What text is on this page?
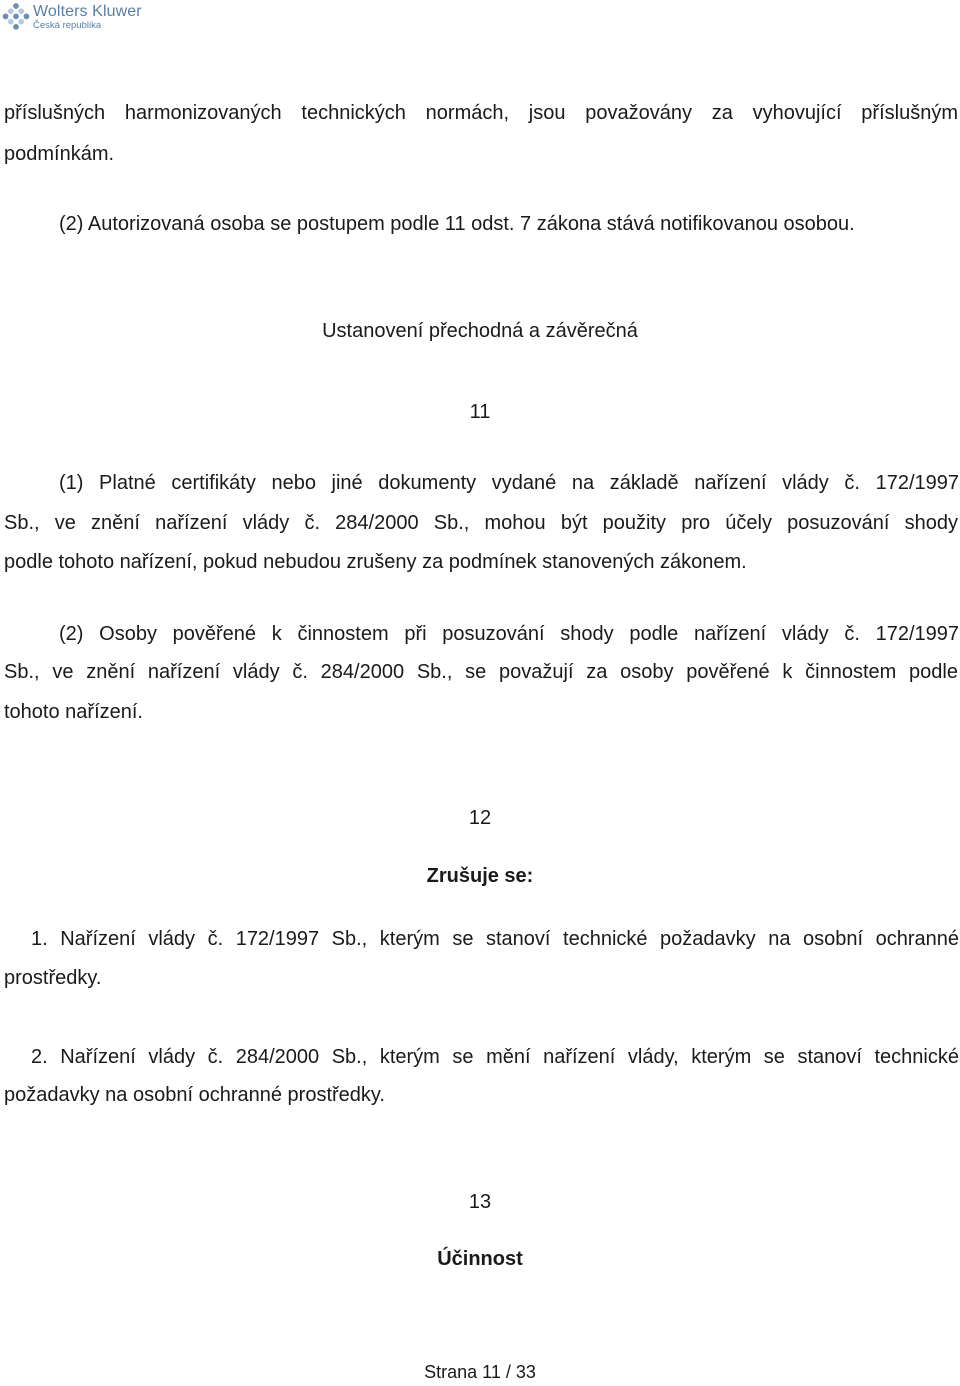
Wolters Kluwer
Česká republika
příslušných harmonizovaných technických normách, jsou považovány za vyhovující příslušným
podmínkám.
(2) Autorizovaná osoba se postupem podle 11 odst. 7 zákona stává notifikovanou osobou.
Ustanovení přechodná a závěrečná
11
(1) Platné certifikáty nebo jiné dokumenty vydané na základě nařízení vlády č. 172/1997
Sb., ve znění nařízení vlády č. 284/2000 Sb., mohou být použity pro účely posuzování shody
podle tohoto nařízení, pokud nebudou zrušeny za podmínek stanovených zákonem.
(2) Osoby pověřené k činnostem při posuzování shody podle nařízení vlády č. 172/1997
Sb., ve znění nařízení vlády č. 284/2000 Sb., se považují za osoby pověřené k činnostem podle
tohoto nařízení.
12
Zrušuje se:
1. Nařízení vlády č. 172/1997 Sb., kterým se stanoví technické požadavky na osobní ochranné
prostředky.
2. Nařízení vlády č. 284/2000 Sb., kterým se mění nařízení vlády, kterým se stanoví technické
požadavky na osobní ochranné prostředky.
13
Účinnost
Strana 11 / 33
